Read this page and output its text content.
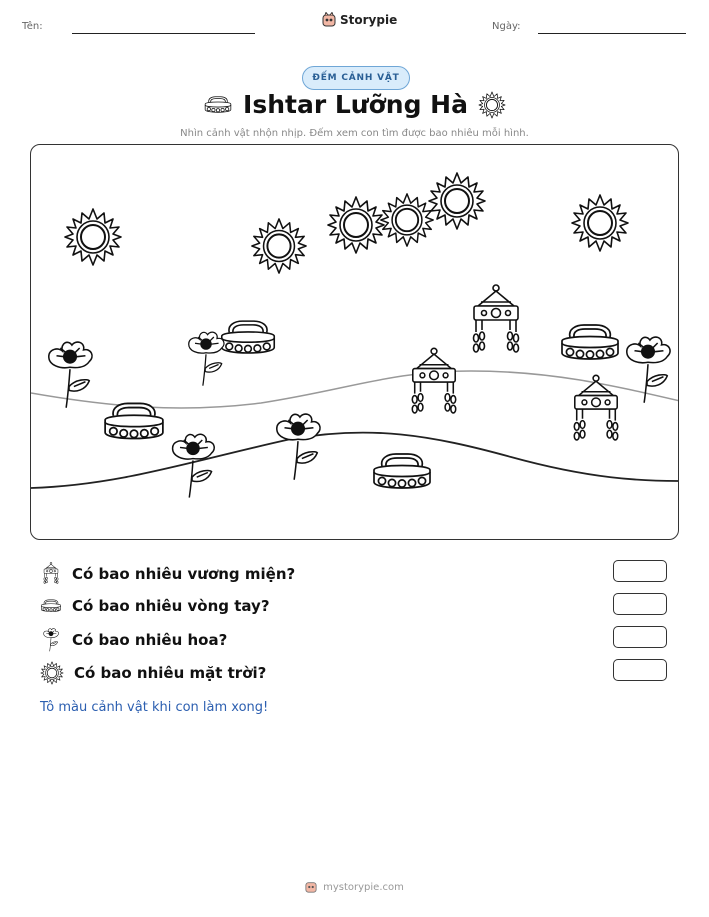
Tên:	Storypie	Ngày:
ĐẾM CẢNH VẬT
Ishtar Lưỡng Hà
Nhìn cảnh vật nhộn nhịp. Đếm xem con tìm được bao nhiêu mỗi hình.
Có bao nhiêu vương miện?
Có bao nhiêu vòng tay?
Có bao nhiêu hoa?
Có bao nhiêu mặt trời?
Tô màu cảnh vật khi con làm xong!
mystorypie.com
